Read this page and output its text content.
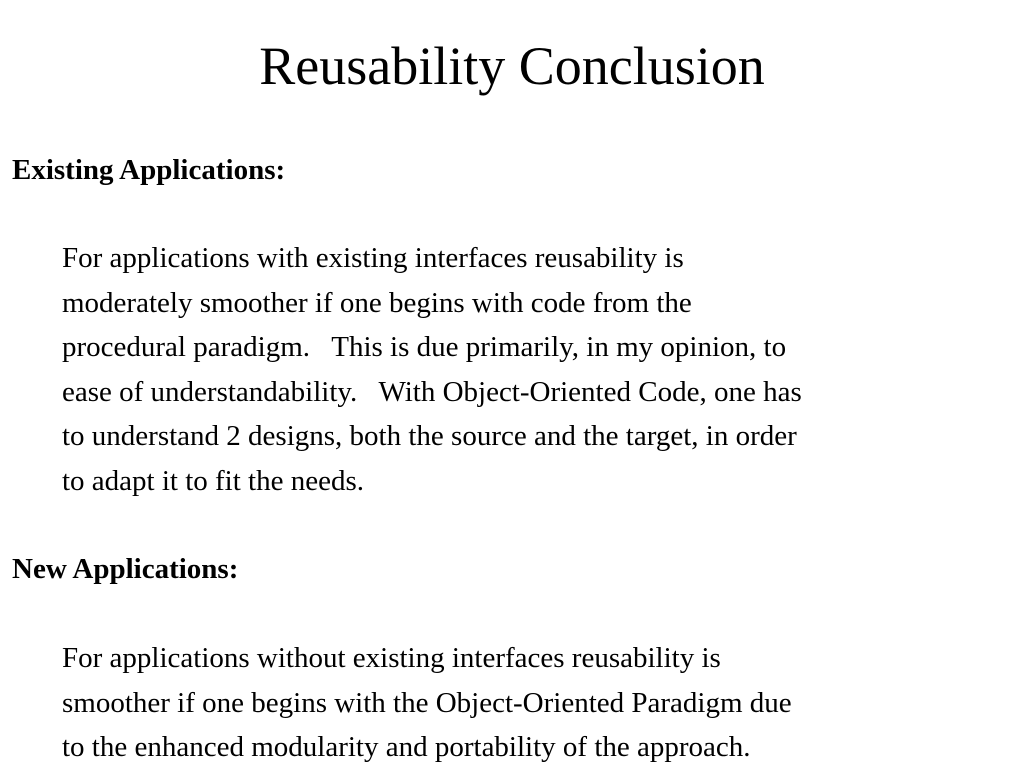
Reusability Conclusion
Existing Applications:

For applications with existing interfaces reusability is
moderately smoother if one begins with code from the
procedural paradigm.   This is due primarily, in my opinion, to
ease of understandability.   With Object-Oriented Code, one has
to understand 2 designs, both the source and the target, in order
to adapt it to fit the needs.

New Applications:

For applications without existing interfaces reusability is
smoother if one begins with the Object-Oriented Paradigm due
to the enhanced modularity and portability of the approach.
